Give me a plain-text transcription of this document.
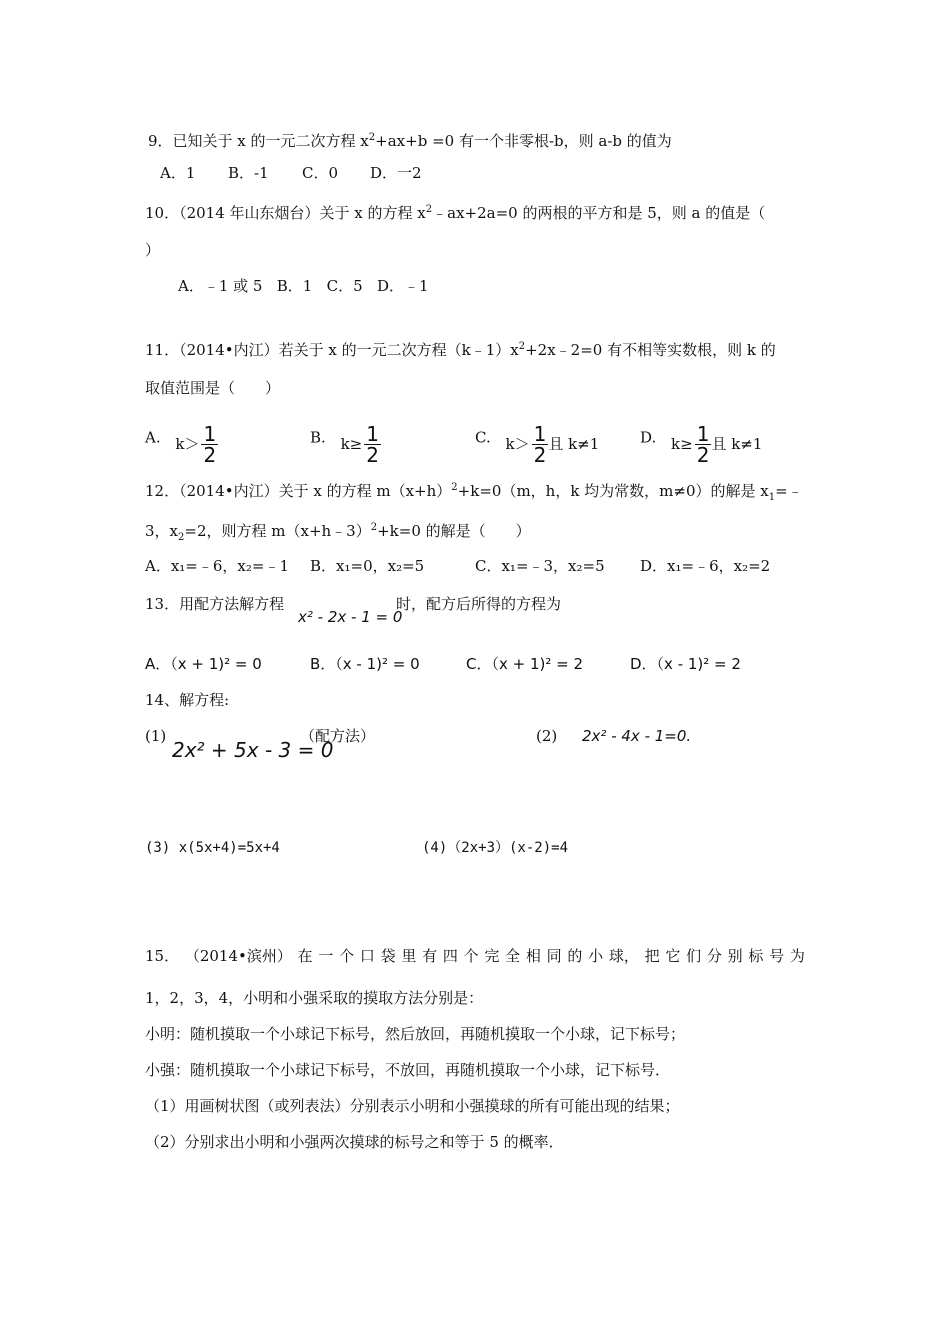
9．已知关于 x 的一元二次方程 $x^2+ax+b =0$ 有一个非零根-b，则 a-b 的值为
A．1 B．-1 C．0 D．一2
10．（2014 年山东烟台）关于 x 的方程 $x^2﹣ax+2a=0$ 的两根的平方和是 5，则 a 的值是（
）
A．﹣1 或 5   B．1   C．5   D．﹣1
11．（2014•内江）若关于 x 的一元二次方程$(k﹣1)x^2+2x﹣2=0$ 有不相等实数根，则 k 的
取值范围是（　　）
A. $k> \frac{1}{2}$	B. $k\ge \frac{1}{2}$	C. $k> \frac{1}{2}$ 且 k≠1	D. $k\ge \frac{1}{2}$ 且 k≠1
12．（2014•内江）关于 x 的方程 $m(x+h)^2+k=0(m$，h，k 均为常数，m≠0）的解是 $x_1=﹣$
3，$x_2=2$，则方程 m（x+h﹣3）$^2$+k=0 的解是（　　）
A．x₁=﹣6，x₂=﹣1 B．x₁=0，x₂=5	C．x₁=﹣3，x₂=5 D．x₁=﹣6，x₂=2
13．用配方法解方程
x² - 2x - 1 = 0
时，配方后所得的方程为
A．（x + 1)² = 0	B．（x - 1)² = 0	C．（x + 1)² = 2	D．（x - 1)² = 2
14、解方程:
(1)
2x² + 5x - 3 = 0
（配方法）	(2) 2x² - 4x - 1=0.
(3) x(5x+4)=5x+4	(4)（2x+3）(x-2)=4
15． （2014•滨州） 在 一 个 口 袋 里 有 四 个 完 全 相 同 的 小 球， 把 它 们 分 别 标 号 为
1，2，3，4，小明和小强采取的摸取方法分别是：
小明：随机摸取一个小球记下标号，然后放回，再随机摸取一个小球，记下标号；
小强：随机摸取一个小球记下标号，不放回，再随机摸取一个小球，记下标号．
（1）用画树状图（或列表法）分别表示小明和小强摸球的所有可能出现的结果；
（2）分别求出小明和小强两次摸球的标号之和等于 5 的概率．
